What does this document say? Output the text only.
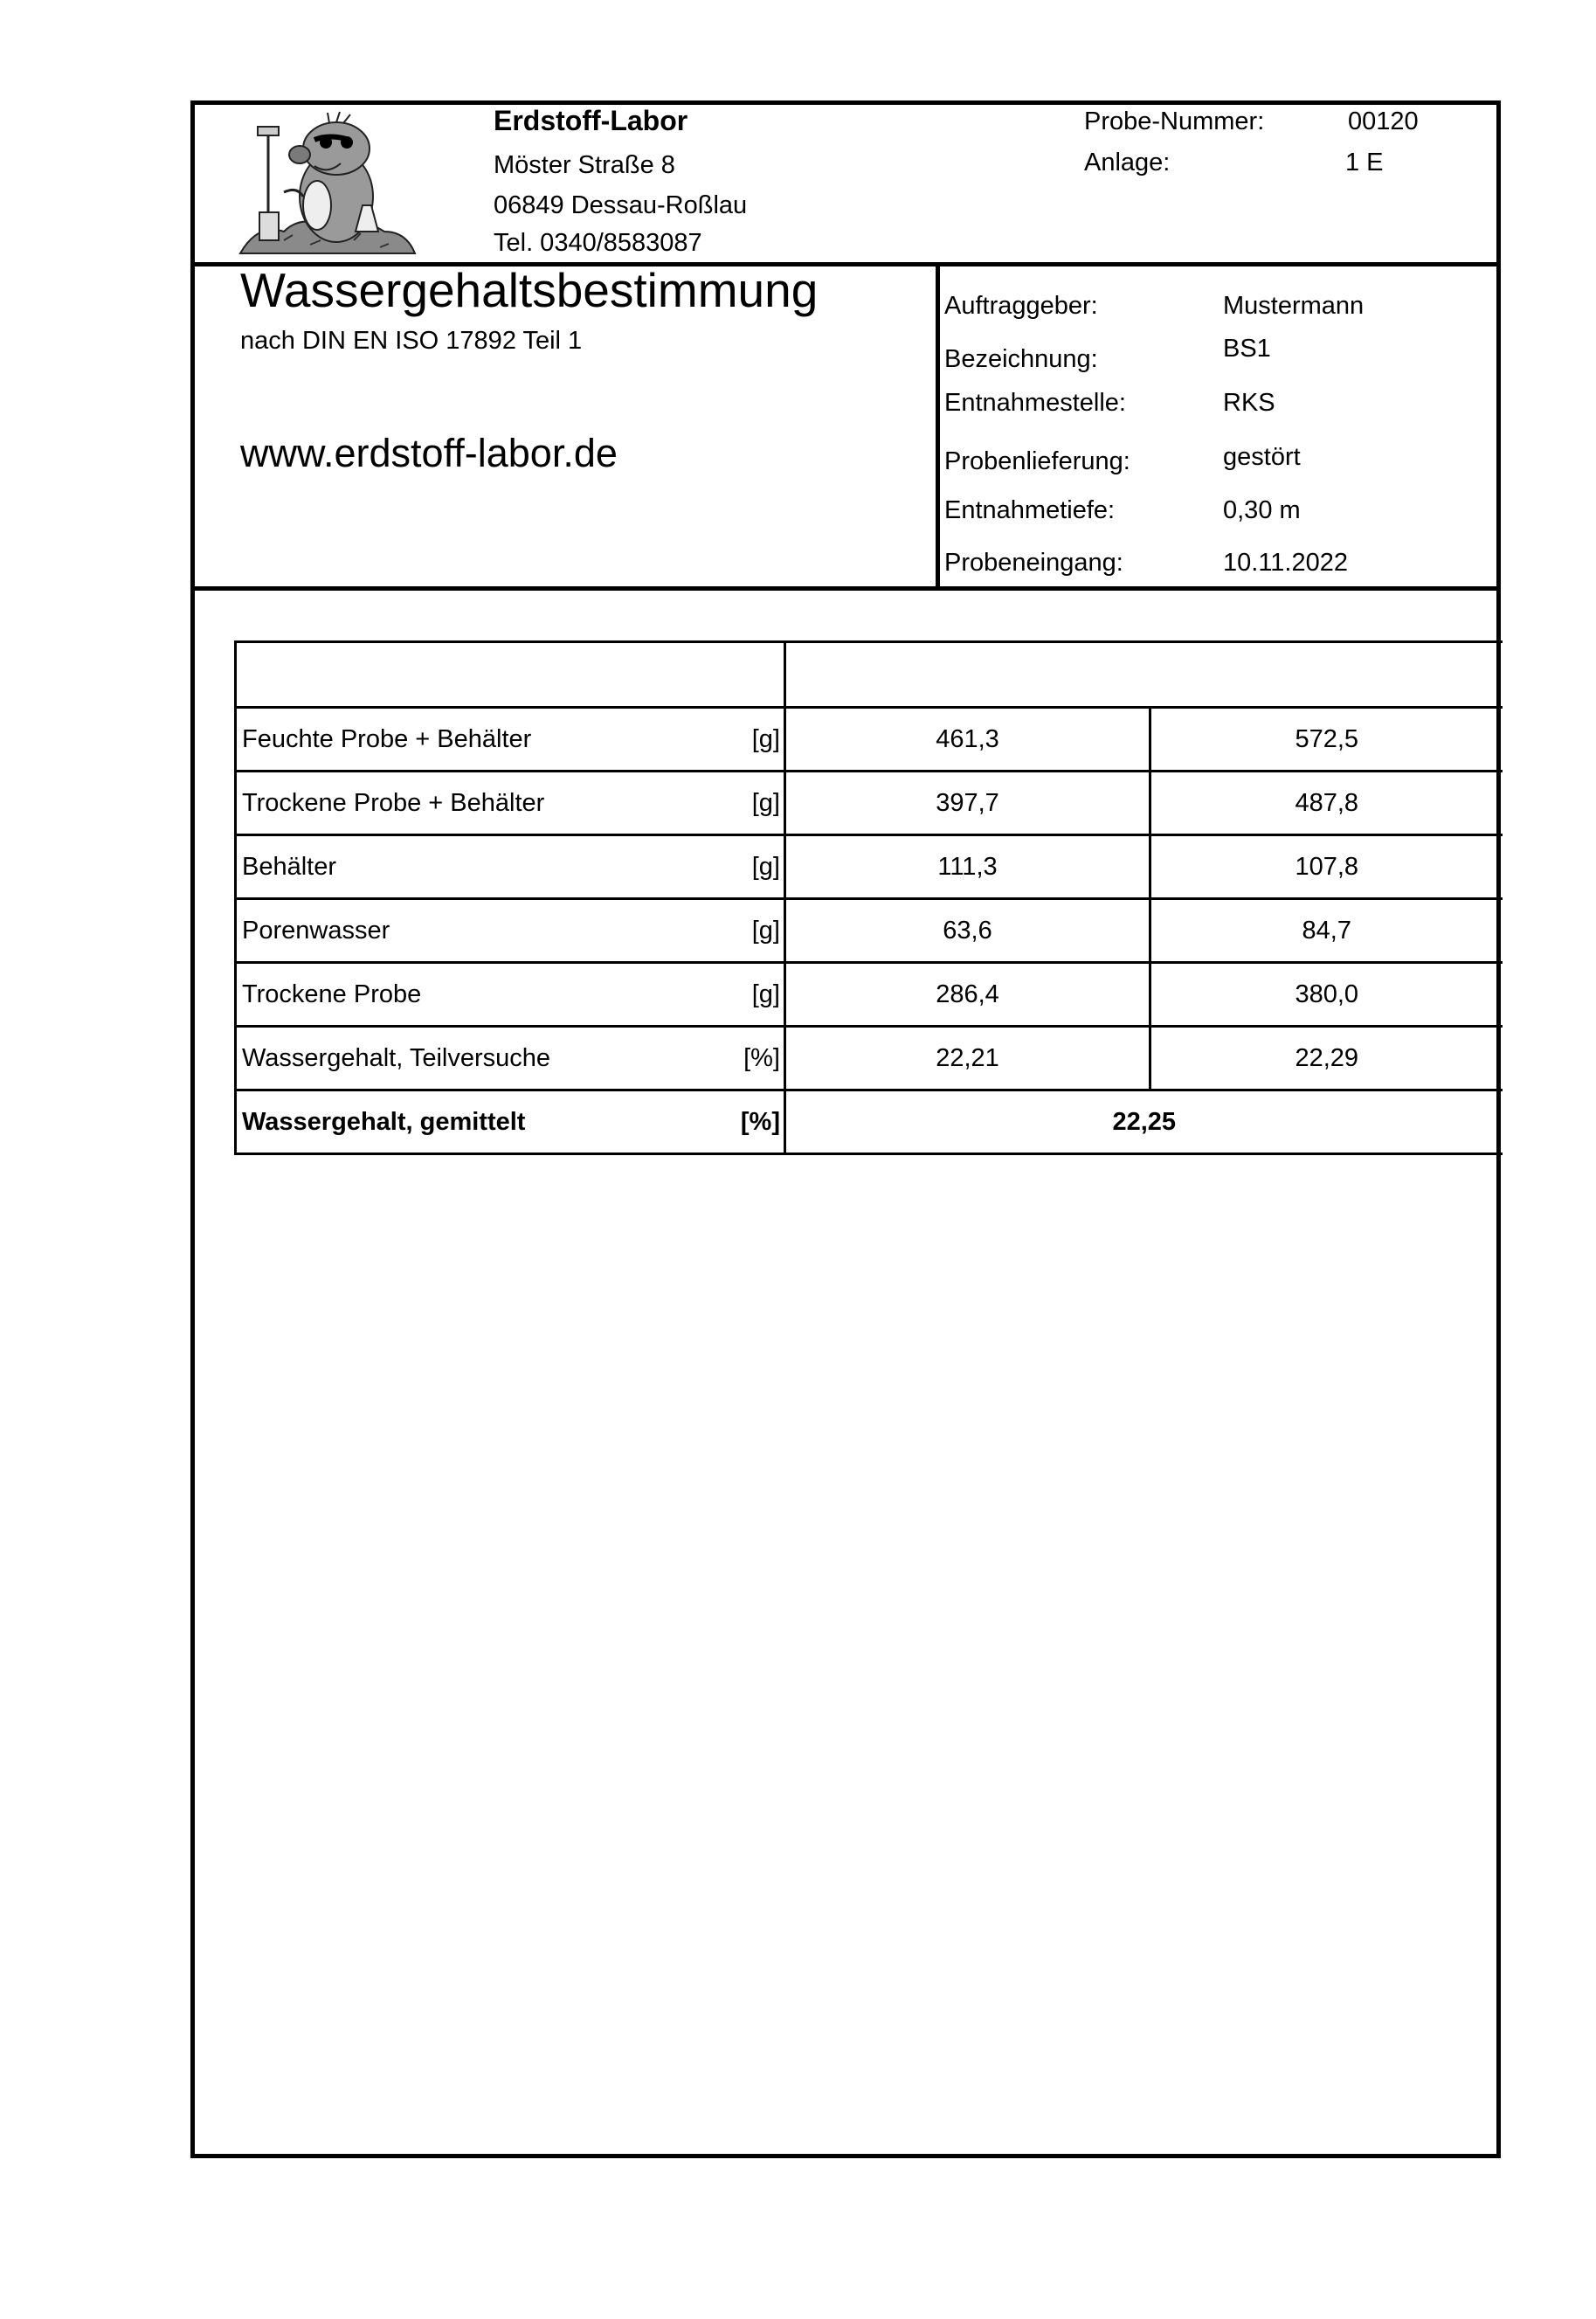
Erdstoff-Labor
Möster Straße 8
06849 Dessau-Roßlau
Tel. 0340/8583087
Probe-Nummer:	00120
Anlage:	1 E
Wassergehaltsbestimmung
nach DIN EN ISO 17892 Teil 1
www.erdstoff-labor.de
Auftraggeber:	Mustermann
Bezeichnung:	BS1
Entnahmestelle:	RKS
Probenlieferung:	gestört
Entnahmetiefe:	0,30 m
Probeneingang:	10.11.2022

Feuchte Probe + Behälter [g]	461,3	572,5

Trockene Probe + Behälter [g]	397,7	487,8

Behälter [g]	111,3	107,8

Porenwasser [g]	63,6	84,7

Trockene Probe [g]	286,4	380,0

Wassergehalt, Teilversuche [%]	22,21	22,29

Wassergehalt, gemittelt [%]	22,25	
